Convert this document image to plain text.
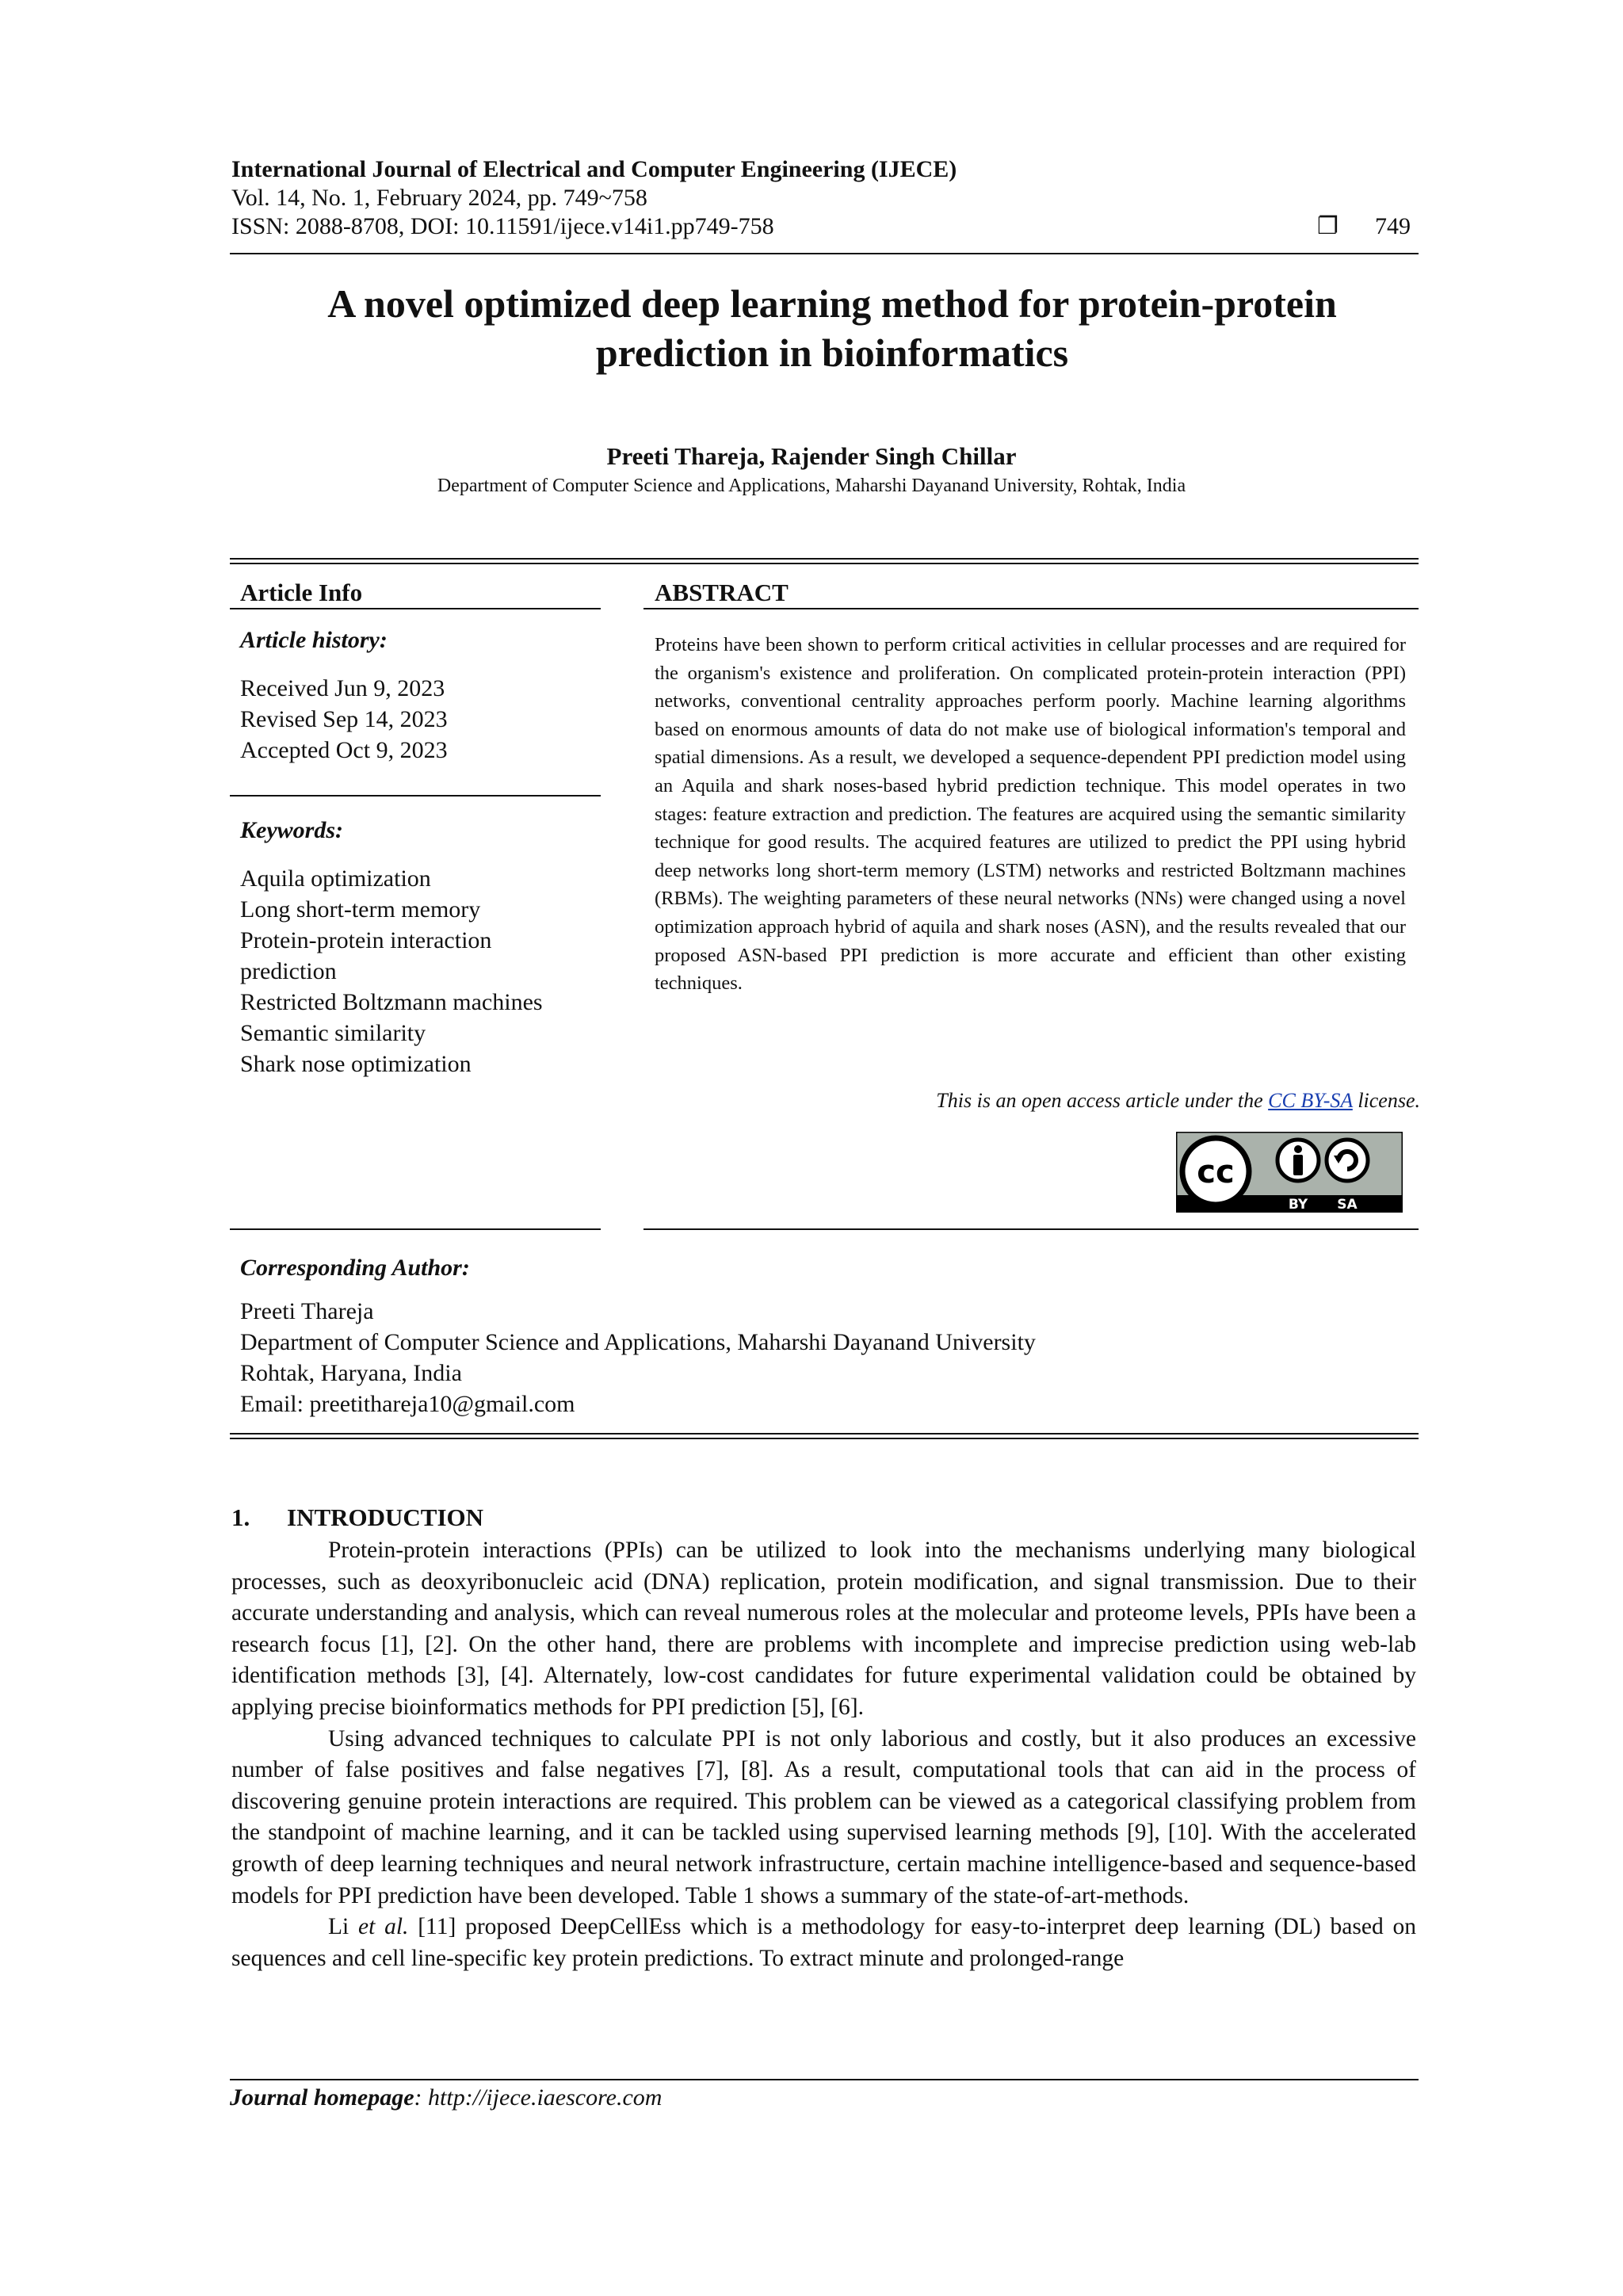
International Journal of Electrical and Computer Engineering (IJECE)
Vol. 14, No. 1, February 2024, pp. 749~758
ISSN: 2088-8708, DOI: 10.11591/ijece.v14i1.pp749-758	❐ 749
A novel optimized deep learning method for protein-protein
prediction in bioinformatics
Preeti Thareja, Rajender Singh Chillar
Department of Computer Science and Applications, Maharshi Dayanand University, Rohtak, India
Article Info
Article history:
Received Jun 9, 2023
Revised Sep 14, 2023
Accepted Oct 9, 2023
Keywords:
Aquila optimization
Long short-term memory
Protein-protein interaction
prediction
Restricted Boltzmann machines
Semantic similarity
Shark nose optimization
ABSTRACT
Proteins have been shown to perform critical activities in cellular processes and are required for the organism's existence and proliferation. On complicated protein-protein interaction (PPI) networks, conventional centrality approaches perform poorly. Machine learning algorithms based on enormous amounts of data do not make use of biological information's temporal and spatial dimensions. As a result, we developed a sequence-dependent PPI prediction model using an Aquila and shark noses-based hybrid prediction technique. This model operates in two stages: feature extraction and prediction. The features are acquired using the semantic similarity technique for good results. The acquired features are utilized to predict the PPI using hybrid deep networks long short-term memory (LSTM) networks and restricted Boltzmann machines (RBMs). The weighting parameters of these neural networks (NNs) were changed using a novel optimization approach hybrid of aquila and shark noses (ASN), and the results revealed that our proposed ASN-based PPI prediction is more accurate and efficient than other existing techniques.
This is an open access article under the CC BY-SA license.
cc
BY SA
Corresponding Author:
Preeti Thareja
Department of Computer Science and Applications, Maharshi Dayanand University
Rohtak, Haryana, India
Email: preetithareja10@gmail.com
1. INTRODUCTION

Protein-protein interactions (PPIs) can be utilized to look into the mechanisms underlying many biological processes, such as deoxyribonucleic acid (DNA) replication, protein modification, and signal transmission. Due to their accurate understanding and analysis, which can reveal numerous roles at the molecular and proteome levels, PPIs have been a research focus [1], [2]. On the other hand, there are problems with incomplete and imprecise prediction using web-lab identification methods [3], [4]. Alternately, low-cost candidates for future experimental validation could be obtained by applying precise bioinformatics methods for PPI prediction [5], [6].

Using advanced techniques to calculate PPI is not only laborious and costly, but it also produces an excessive number of false positives and false negatives [7], [8]. As a result, computational tools that can aid in the process of discovering genuine protein interactions are required. This problem can be viewed as a categorical classifying problem from the standpoint of machine learning, and it can be tackled using supervised learning methods [9], [10]. With the accelerated growth of deep learning techniques and neural network infrastructure, certain machine intelligence-based and sequence-based models for PPI prediction have been developed. Table 1 shows a summary of the state-of-art-methods.

Li et al. [11] proposed DeepCellEss which is a methodology for easy-to-interpret deep learning (DL) based on sequences and cell line-specific key protein predictions. To extract minute and prolonged-range

Journal homepage: http://ijece.iaescore.com
